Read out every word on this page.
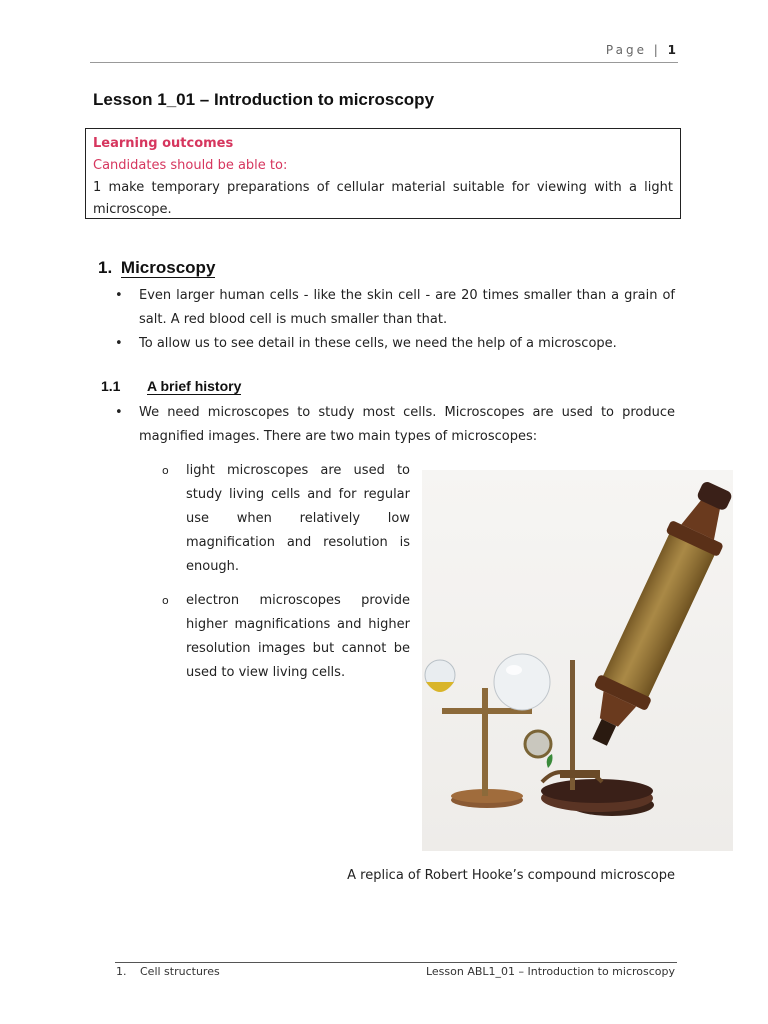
Page | 1
Lesson 1_01 – Introduction to microscopy
Learning outcomes
Candidates should be able to:
1 make temporary preparations of cellular material suitable for viewing with a light microscope.
1. Microscopy
• Even larger human cells - like the skin cell - are 20 times smaller than a grain of salt. A red blood cell is much smaller than that.
• To allow us to see detail in these cells, we need the help of a microscope.
1.1 A brief history
• We need microscopes to study most cells. Microscopes are used to produce magnified images. There are two main types of microscopes:
o light microscopes are used to study living cells and for regular use when relatively low magnification and resolution is enough.
o electron microscopes provide higher magnifications and higher resolution images but cannot be used to view living cells.
A replica of Robert Hooke’s compound microscope
1. Cell structures	Lesson ABL1_01 – Introduction to microscopy
